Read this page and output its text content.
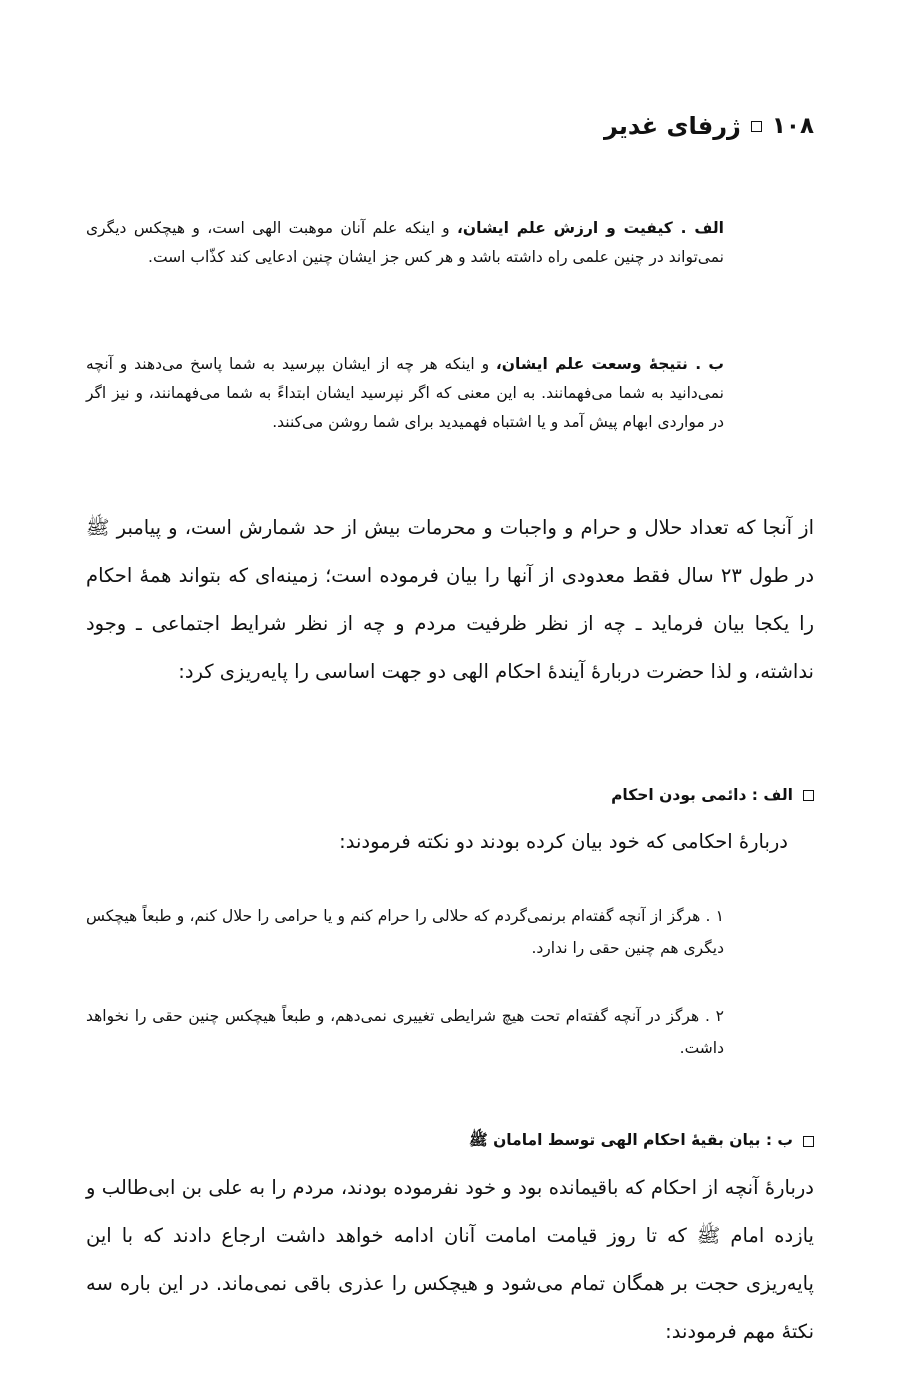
۱۰۸
ژرفای غدیر

الف . کیفیت و ارزش علم ایشان، و اینکه علم آنان موهبت الهی است، و هیچکس دیگری نمی‌تواند در چنین علمی راه داشته باشد و هر کس جز ایشان چنین ادعایی کند کذّاب است.

ب . نتیجهٔ وسعت علم ایشان، و اینکه هر چه از ایشان بپرسید به شما پاسخ می‌دهند و آنچه نمی‌دانید به شما می‌فهمانند. به این معنی که اگر نپرسید ایشان ابتداءً به شما می‌فهمانند، و نیز اگر در مواردی ابهام پیش آمد و یا اشتباه فهمیدید برای شما روشن می‌کنند.

از آنجا که تعداد حلال و حرام و واجبات و محرمات بیش از حد شمارش است، و پیامبر ﷺ در طول ۲۳ سال فقط معدودی از آنها را بیان فرموده است؛ زمینه‌ای که بتواند همهٔ احکام را یکجا بیان فرماید ـ چه از نظر ظرفیت مردم و چه از نظر شرایط اجتماعی ـ وجود نداشته، و لذا حضرت دربارهٔ آیندهٔ احکام الهی دو جهت اساسی را پایه‌ریزی کرد:

الف : دائمی بودن احکام
دربارهٔ احکامی که خود بیان کرده بودند دو نکته فرمودند:

۱ . هرگز از آنچه گفته‌ام برنمی‌گردم که حلالی را حرام کنم و یا حرامی را حلال کنم، و طبعاً هیچکس دیگری هم چنین حقی را ندارد.

۲ . هرگز در آنچه گفته‌ام تحت هیچ شرایطی تغییری نمی‌دهم، و طبعاً هیچکس چنین حقی را نخواهد داشت.

ب : بیان بقیهٔ احکام الهی توسط امامان ﷺ

دربارهٔ آنچه از احکام که باقیمانده بود و خود نفرموده بودند، مردم را به علی بن ابی‌طالب و یازده امام ﷺ که تا روز قیامت امامت آنان ادامه خواهد داشت ارجاع دادند که با این پایه‌ریزی حجت بر همگان تمام می‌شود و هیچکس را عذری باقی نمی‌ماند. در این باره سه نکتهٔ مهم فرمودند:
